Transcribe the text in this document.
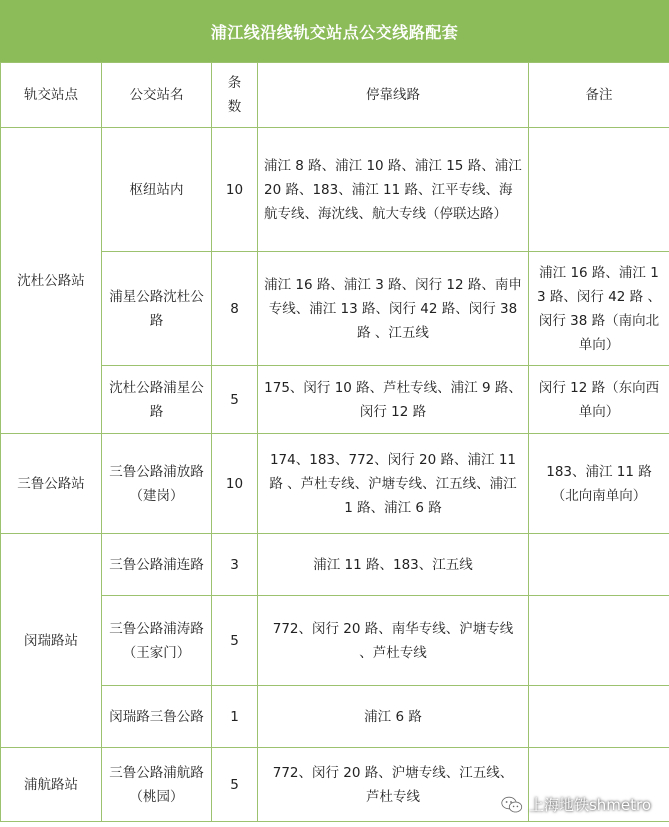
浦江线沿线轨交站点公交线路配套
轨交站点	公交站名	条数	停靠线路	备注
沈杜公路站	枢纽站内	10	浦江 8 路、浦江 10 路、浦江 15 路、浦江 20 路、183、浦江 11 路、江平专线、海航专线、海沈线、航大专线（停联达路）	
	浦星公路沈杜公路	8	浦江 16 路、浦江 3 路、闵行 12 路、南申专线、浦江 13 路、闵行 42 路、闵行 38 路 、江五线	浦江 16 路、浦江 13 路、闵行 42 路 、闵行 38 路（南向北单向）
	沈杜公路浦星公路	5	175、闵行 10 路、芦杜专线、浦江 9 路、 闵行 12 路	闵行 12 路（东向西单向）
三鲁公路站	三鲁公路浦放路 （建岗）	10	174、183、772、闵行 20 路、浦江 11 路 、芦杜专线、沪塘专线、江五线、浦江 1 路、浦江 6 路	183、浦江 11 路（北向南单向）
闵瑞路站	三鲁公路浦连路	3	浦江 11 路、183、江五线	
	三鲁公路浦涛路（王家门）	5	772、闵行 20 路、南华专线、沪塘专线 、芦杜专线	
	闵瑞路三鲁公路	1	浦江 6 路	
浦航路站	三鲁公路浦航路 （桃园）	5	772、闵行 20 路、沪塘专线、江五线、 芦杜专线		上海地铁shmetro
